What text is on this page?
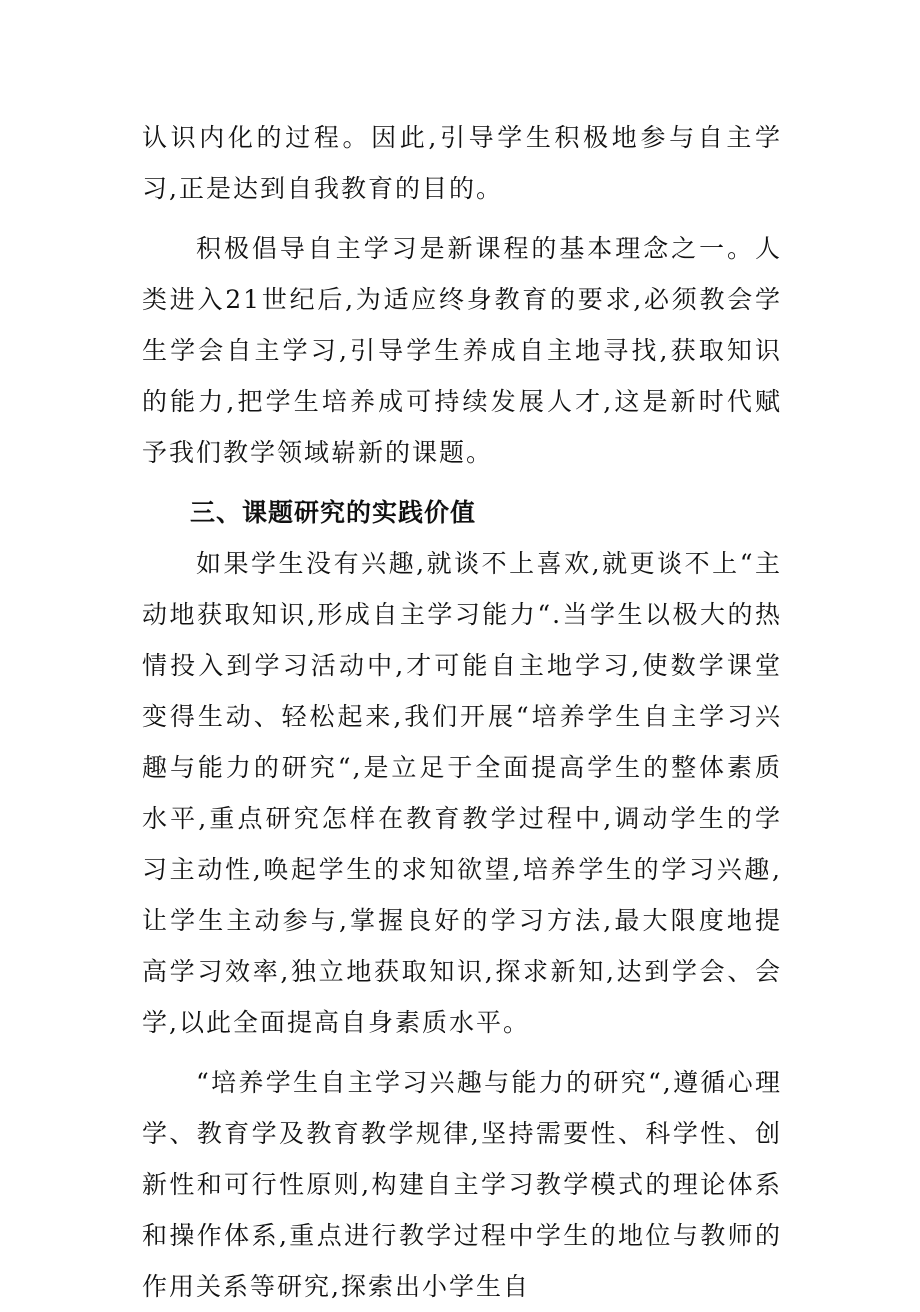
认识内化的过程。因此,引导学生积极地参与自主学习,正是达到自我教育的目的。

积极倡导自主学习是新课程的基本理念之一。人类进入21世纪后,为适应终身教育的要求,必须教会学生学会自主学习,引导学生养成自主地寻找,获取知识的能力,把学生培养成可持续发展人才,这是新时代赋予我们教学领域崭新的课题。

三、课题研究的实践价值

如果学生没有兴趣,就谈不上喜欢,就更谈不上“主动地获取知识,形成自主学习能力“.当学生以极大的热情投入到学习活动中,才可能自主地学习,使数学课堂变得生动、轻松起来,我们开展“培养学生自主学习兴趣与能力的研究“,是立足于全面提高学生的整体素质水平,重点研究怎样在教育教学过程中,调动学生的学习主动性,唤起学生的求知欲望,培养学生的学习兴趣,让学生主动参与,掌握良好的学习方法,最大限度地提高学习效率,独立地获取知识,探求新知,达到学会、会学,以此全面提高自身素质水平。

“培养学生自主学习兴趣与能力的研究“,遵循心理学、教育学及教育教学规律,坚持需要性、科学性、创新性和可行性原则,构建自主学习教学模式的理论体系和操作体系,重点进行教学过程中学生的地位与教师的作用关系等研究,探索出小学生自
